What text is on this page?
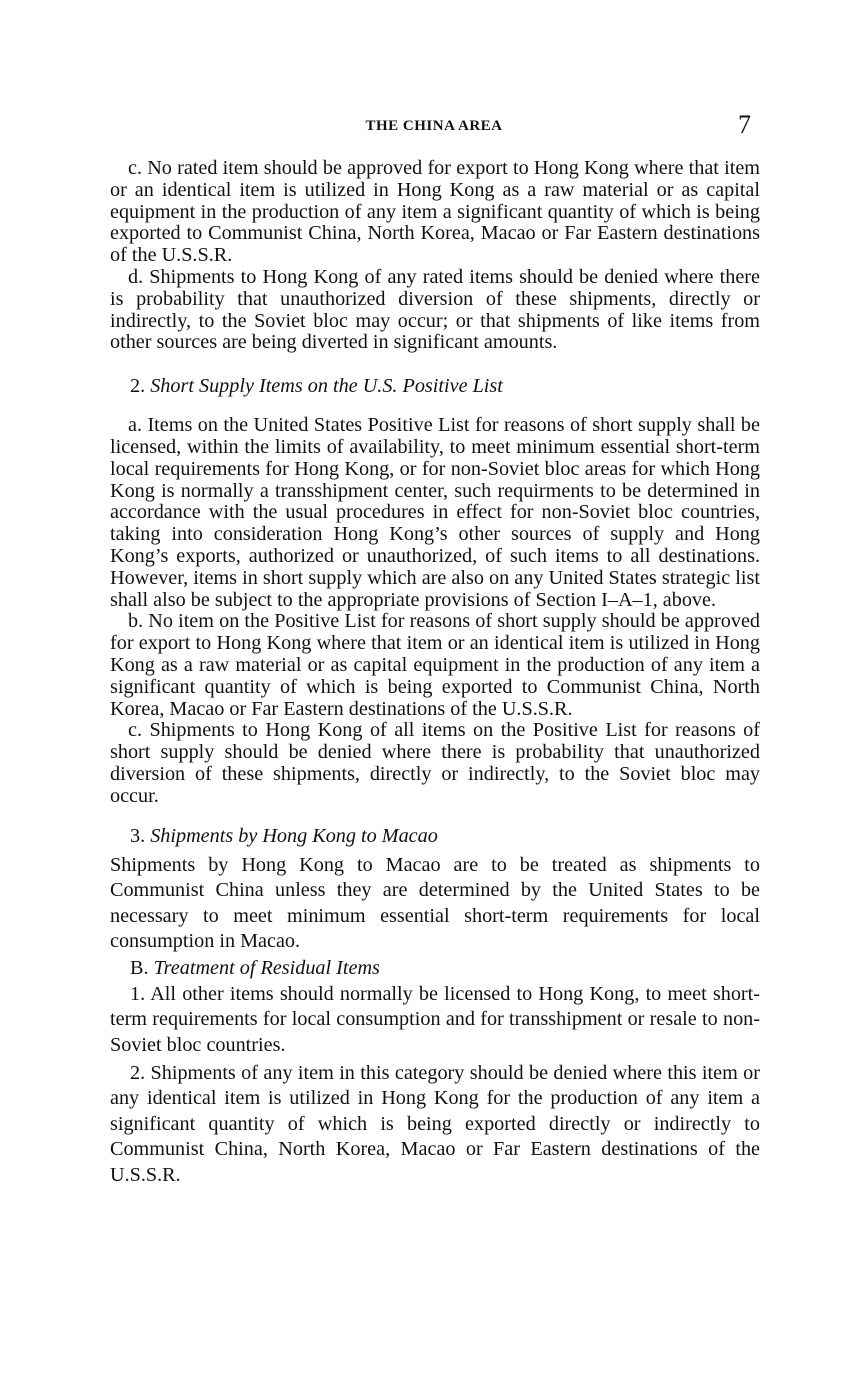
THE CHINA AREA	7

c. No rated item should be approved for export to Hong Kong where that item or an identical item is utilized in Hong Kong as a raw material or as capital equipment in the production of any item a significant quantity of which is being exported to Communist China, North Korea, Macao or Far Eastern destinations of the U.S.S.R.

d. Shipments to Hong Kong of any rated items should be denied where there is probability that unauthorized diversion of these shipments, directly or indirectly, to the Soviet bloc may occur; or that shipments of like items from other sources are being diverted in significant amounts.

2. Short Supply Items on the U.S. Positive List

a. Items on the United States Positive List for reasons of short supply shall be licensed, within the limits of availability, to meet minimum essential short-term local requirements for Hong Kong, or for non-Soviet bloc areas for which Hong Kong is normally a transshipment center, such requirments to be determined in accordance with the usual procedures in effect for non-Soviet bloc countries, taking into consideration Hong Kong’s other sources of supply and Hong Kong’s exports, authorized or unauthorized, of such items to all destinations. However, items in short supply which are also on any United States strategic list shall also be subject to the appropriate provisions of Section I–A–1, above.

b. No item on the Positive List for reasons of short supply should be approved for export to Hong Kong where that item or an identical item is utilized in Hong Kong as a raw material or as capital equipment in the production of any item a significant quantity of which is being exported to Communist China, North Korea, Macao or Far Eastern destinations of the U.S.S.R.

c. Shipments to Hong Kong of all items on the Positive List for reasons of short supply should be denied where there is probability that unauthorized diversion of these shipments, directly or indirectly, to the Soviet bloc may occur.

3. Shipments by Hong Kong to Macao

Shipments by Hong Kong to Macao are to be treated as shipments to Communist China unless they are determined by the United States to be necessary to meet minimum essential short-term requirements for local consumption in Macao.

B. Treatment of Residual Items

1. All other items should normally be licensed to Hong Kong, to meet short-term requirements for local consumption and for transshipment or resale to non-Soviet bloc countries.

2. Shipments of any item in this category should be denied where this item or any identical item is utilized in Hong Kong for the production of any item a significant quantity of which is being exported directly or indirectly to Communist China, North Korea, Macao or Far Eastern destinations of the U.S.S.R.
